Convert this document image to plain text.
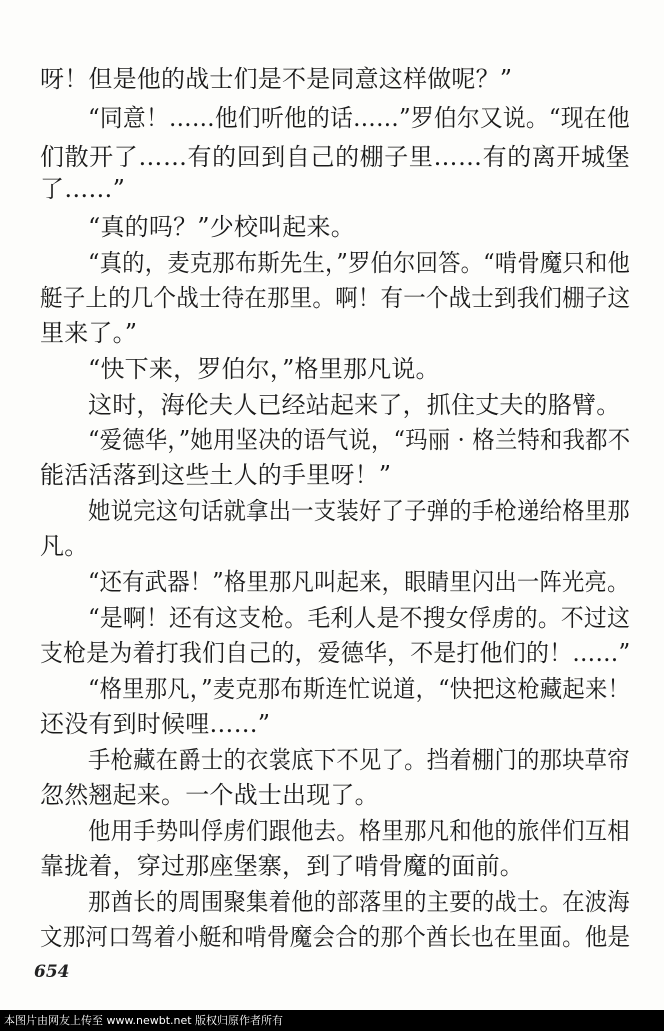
呀！但是他的战士们是不是同意这样做呢？”
“同意！……他们听他的话……”罗伯尔又说。“现在他
们散开了……有的回到自己的棚子里……有的离开城堡
了……”
“真的吗？”少校叫起来。
“真的，麦克那布斯先生，”罗伯尔回答。“啃骨魔只和他
艇子上的几个战士待在那里。啊！有一个战士到我们棚子这
里来了。”
“快下来，罗伯尔，”格里那凡说。
这时，海伦夫人已经站起来了，抓住丈夫的胳臂。
“爱德华，”她用坚决的语气说，“玛丽 · 格兰特和我都不
能活活落到这些土人的手里呀！”
她说完这句话就拿出一支装好了子弹的手枪递给格里那
凡。
“还有武器！”格里那凡叫起来，眼睛里闪出一阵光亮。
“是啊！还有这支枪。毛利人是不搜女俘虏的。不过这
支枪是为着打我们自己的，爱德华，不是打他们的！……”
“格里那凡，”麦克那布斯连忙说道，“快把这枪藏起来！
还没有到时候哩……”
手枪藏在爵士的衣裳底下不见了。挡着棚门的那块草帘
忽然翘起来。一个战士出现了。
他用手势叫俘虏们跟他去。格里那凡和他的旅伴们互相
靠拢着，穿过那座堡寨，到了啃骨魔的面前。
那酋长的周围聚集着他的部落里的主要的战士。在波海
文那河口驾着小艇和啃骨魔会合的那个酋长也在里面。他是
654
本图片由网友上传至 www.newbt.net 版权归原作者所有
